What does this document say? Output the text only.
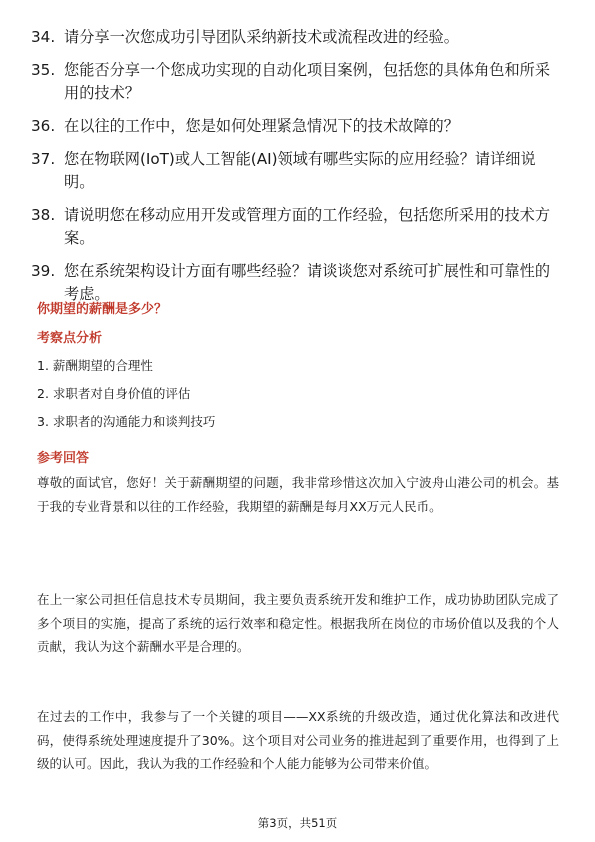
34. 请分享一次您成功引导团队采纳新技术或流程改进的经验。
35. 您能否分享一个您成功实现的自动化项目案例，包括您的具体角色和所采用的技术？
36. 在以往的工作中，您是如何处理紧急情况下的技术故障的？
37. 您在物联网(IoT)或人工智能(AI)领域有哪些实际的应用经验？请详细说明。
38. 请说明您在移动应用开发或管理方面的工作经验，包括您所采用的技术方案。
39. 您在系统架构设计方面有哪些经验？请谈谈您对系统可扩展性和可靠性的考虑。
你期望的薪酬是多少？
考察点分析
1. 薪酬期望的合理性
2. 求职者对自身价值的评估
3. 求职者的沟通能力和谈判技巧
参考回答
尊敬的面试官，您好！关于薪酬期望的问题，我非常珍惜这次加入宁波舟山港公司的机会。基于我的专业背景和以往的工作经验，我期望的薪酬是每月XX万元人民币。
在上一家公司担任信息技术专员期间，我主要负责系统开发和维护工作，成功协助团队完成了多个项目的实施，提高了系统的运行效率和稳定性。根据我所在岗位的市场价值以及我的个人贡献，我认为这个薪酬水平是合理的。
在过去的工作中，我参与了一个关键的项目——XX系统的升级改造，通过优化算法和改进代码，使得系统处理速度提升了30%。这个项目对公司业务的推进起到了重要作用，也得到了上级的认可。因此，我认为我的工作经验和个人能力能够为公司带来价值。
第3页，共51页
